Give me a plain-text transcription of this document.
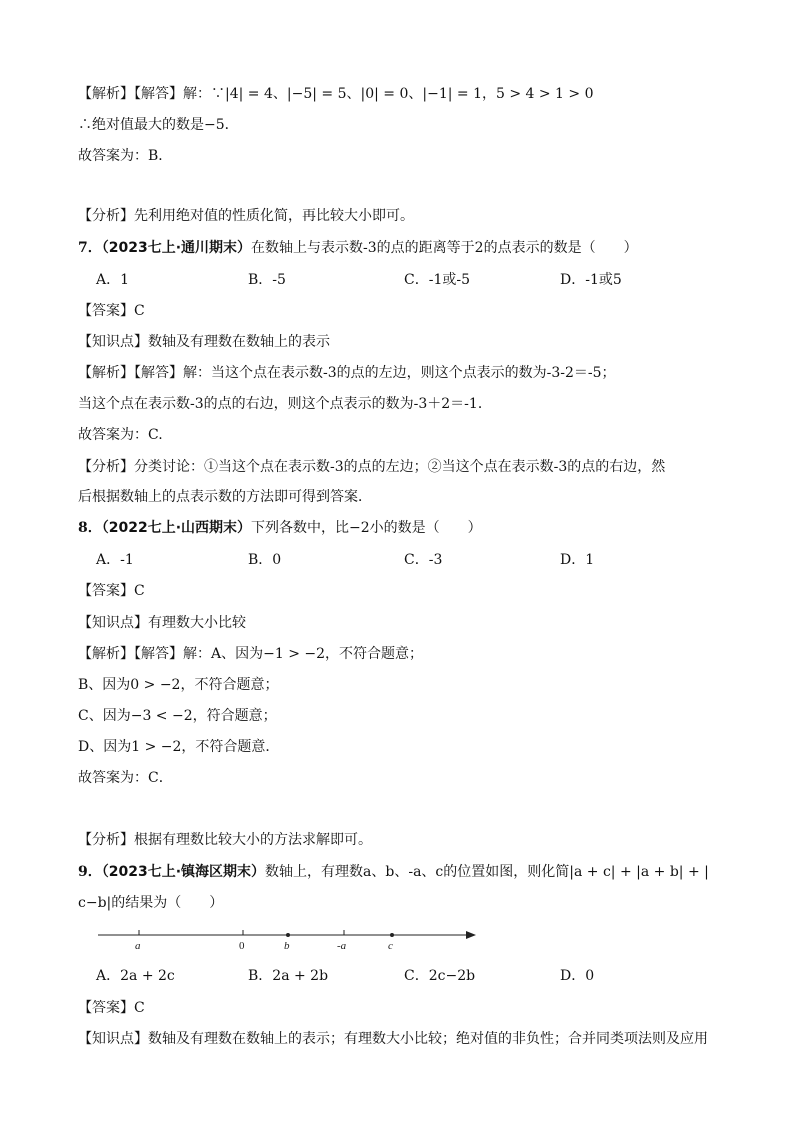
【解析】【解答】解：∵|4| = 4、|−5| = 5、|0| = 0、|−1| = 1，5 > 4 > 1 > 0
∴绝对值最大的数是−5．
故答案为：B．
【分析】先利用绝对值的性质化简，再比较大小即可。
7．（2023七上·通川期末）在数轴上与表示数-3的点的距离等于2的点表示的数是（　　）
A．1	B．-5	C．-1或-5	D．-1或5
【答案】C
【知识点】数轴及有理数在数轴上的表示
【解析】【解答】解：当这个点在表示数-3的点的左边，则这个点表示的数为-3-2＝-5；
当这个点在表示数-3的点的右边，则这个点表示的数为-3＋2＝-1．
故答案为：C.
【分析】分类讨论：①当这个点在表示数-3的点的左边；②当这个点在表示数-3的点的右边，然
后根据数轴上的点表示数的方法即可得到答案．
8．（2022七上·山西期末）下列各数中，比−2小的数是（　　）
A．-1	B．0	C．-3	D．1
【答案】C
【知识点】有理数大小比较
【解析】【解答】解：A、因为−1 > −2，不符合题意；
B、因为0 > −2，不符合题意；
C、因为−3 < −2，符合题意；
D、因为1 > −2，不符合题意．
故答案为：C．
【分析】根据有理数比较大小的方法求解即可。
9．（2023七上·镇海区期末）数轴上，有理数a、b、-a、c的位置如图，则化简|a + c| + |a + b| + |
c−b|的结果为（　　）
a	0	b	-a	c
A．2a + 2c	B．2a + 2b	C．2c−2b	D．0
【答案】C
【知识点】数轴及有理数在数轴上的表示；有理数大小比较；绝对值的非负性；合并同类项法则及应用
